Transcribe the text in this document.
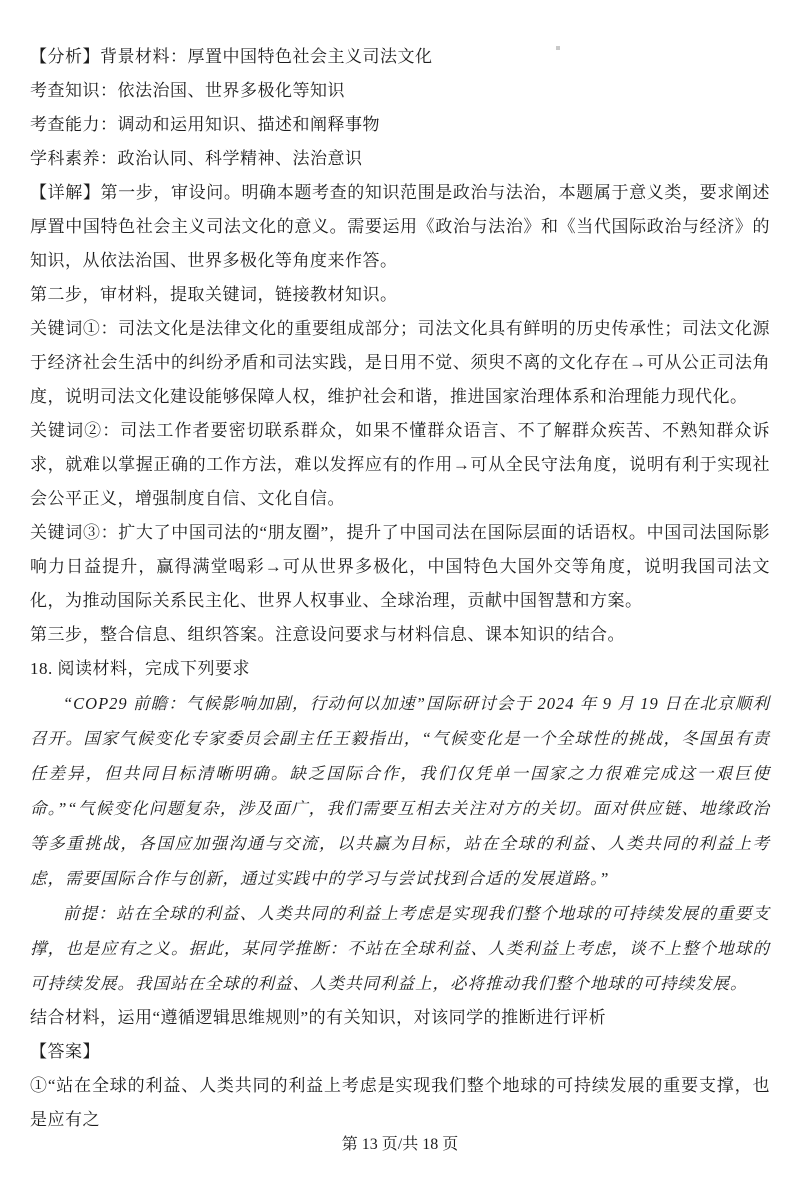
【分析】背景材料：厚置中国特色社会主义司法文化

考查知识：依法治国、世界多极化等知识

考查能力：调动和运用知识、描述和阐释事物

学科素养：政治认同、科学精神、法治意识

【详解】第一步，审设问。明确本题考查的知识范围是政治与法治，本题属于意义类，要求阐述厚置中国特色社会主义司法文化的意义。需要运用《政治与法治》和《当代国际政治与经济》的知识，从依法治国、世界多极化等角度来作答。

第二步，审材料，提取关键词，链接教材知识。

关键词①：司法文化是法律文化的重要组成部分；司法文化具有鲜明的历史传承性；司法文化源于经济社会生活中的纠纷矛盾和司法实践，是日用不觉、须臾不离的文化存在→可从公正司法角度，说明司法文化建设能够保障人权，维护社会和谐，推进国家治理体系和治理能力现代化。

关键词②：司法工作者要密切联系群众，如果不懂群众语言、不了解群众疾苦、不熟知群众诉求，就难以掌握正确的工作方法，难以发挥应有的作用→可从全民守法角度，说明有利于实现社会公平正义，增强制度自信、文化自信。

关键词③：扩大了中国司法的“朋友圈”，提升了中国司法在国际层面的话语权。中国司法国际影响力日益提升，赢得满堂喝彩→可从世界多极化，中国特色大国外交等角度，说明我国司法文化，为推动国际关系民主化、世界人权事业、全球治理，贡献中国智慧和方案。

第三步，整合信息、组织答案。注意设问要求与材料信息、课本知识的结合。

18. 阅读材料，完成下列要求

“COP29 前瞻：气候影响加剧，行动何以加速”国际研讨会于 2024 年 9 月 19 日在北京顺利召开。国家气候变化专家委员会副主任王毅指出，“气候变化是一个全球性的挑战，冬国虽有责任差异，但共同目标清晰明确。缺乏国际合作，我们仅凭单一国家之力很难完成这一艰巨使命。”“气候变化问题复杂，涉及面广，我们需要互相去关注对方的关切。面对供应链、地缘政治等多重挑战，各国应加强沟通与交流，以共赢为目标，站在全球的利益、人类共同的利益上考虑，需要国际合作与创新，通过实践中的学习与尝试找到合适的发展道路。”

前提：站在全球的利益、人类共同的利益上考虑是实现我们整个地球的可持续发展的重要支撑，也是应有之义。据此，某同学推断：不站在全球利益、人类利益上考虑，谈不上整个地球的可持续发展。我国站在全球的利益、人类共同利益上，必将推动我们整个地球的可持续发展。

结合材料，运用“遵循逻辑思维规则”的有关知识，对该同学的推断进行评析

【答案】

①“站在全球的利益、人类共同的利益上考虑是实现我们整个地球的可持续发展的重要支撑，也是应有之

第 13 页/共 18 页
